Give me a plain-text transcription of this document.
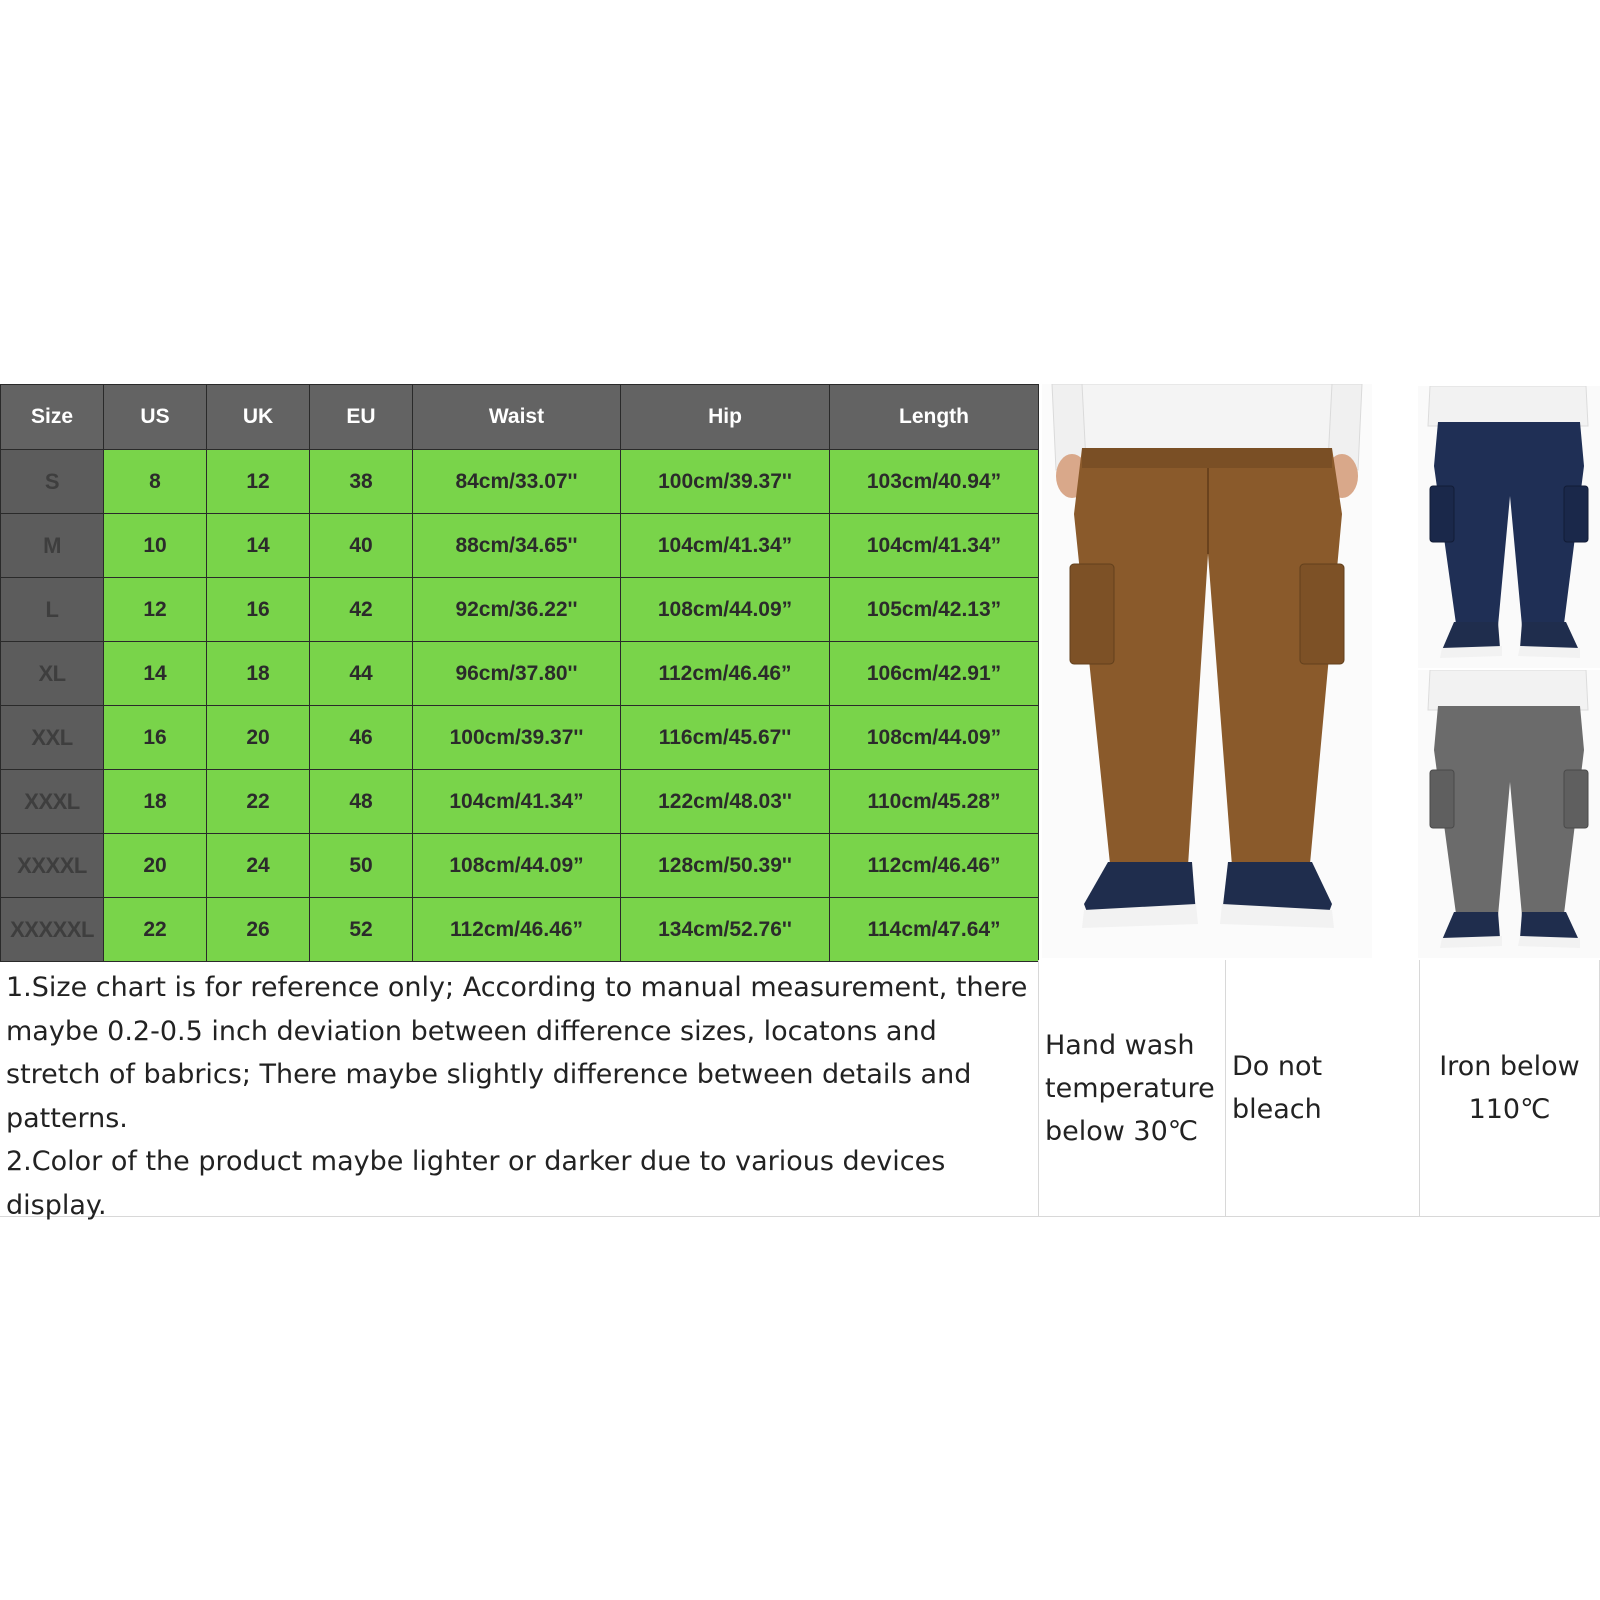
Size	US	UK	EU	Waist	Hip	Length
S	8	12	38	84cm/33.07''	100cm/39.37''	103cm/40.94”
M	10	14	40	88cm/34.65''	104cm/41.34”	104cm/41.34”
L	12	16	42	92cm/36.22''	108cm/44.09”	105cm/42.13”
XL	14	18	44	96cm/37.80''	112cm/46.46”	106cm/42.91”
XXL	16	20	46	100cm/39.37''	116cm/45.67''	108cm/44.09”
XXXL	18	22	48	104cm/41.34”	122cm/48.03''	110cm/45.28”
XXXXL	20	24	50	108cm/44.09”	128cm/50.39''	112cm/46.46”
XXXXXL	22	26	52	112cm/46.46”	134cm/52.76''	114cm/47.64”

1.Size chart is for reference only; According to manual measurement, there maybe 0.2-0.5 inch deviation between difference sizes, locatons and stretch of babrics; There maybe slightly difference between details and patterns.

2.Color of the product maybe lighter or darker due to various devices display.

Hand wash
temperature
below 30℃
Do not bleach
Iron below
110℃
